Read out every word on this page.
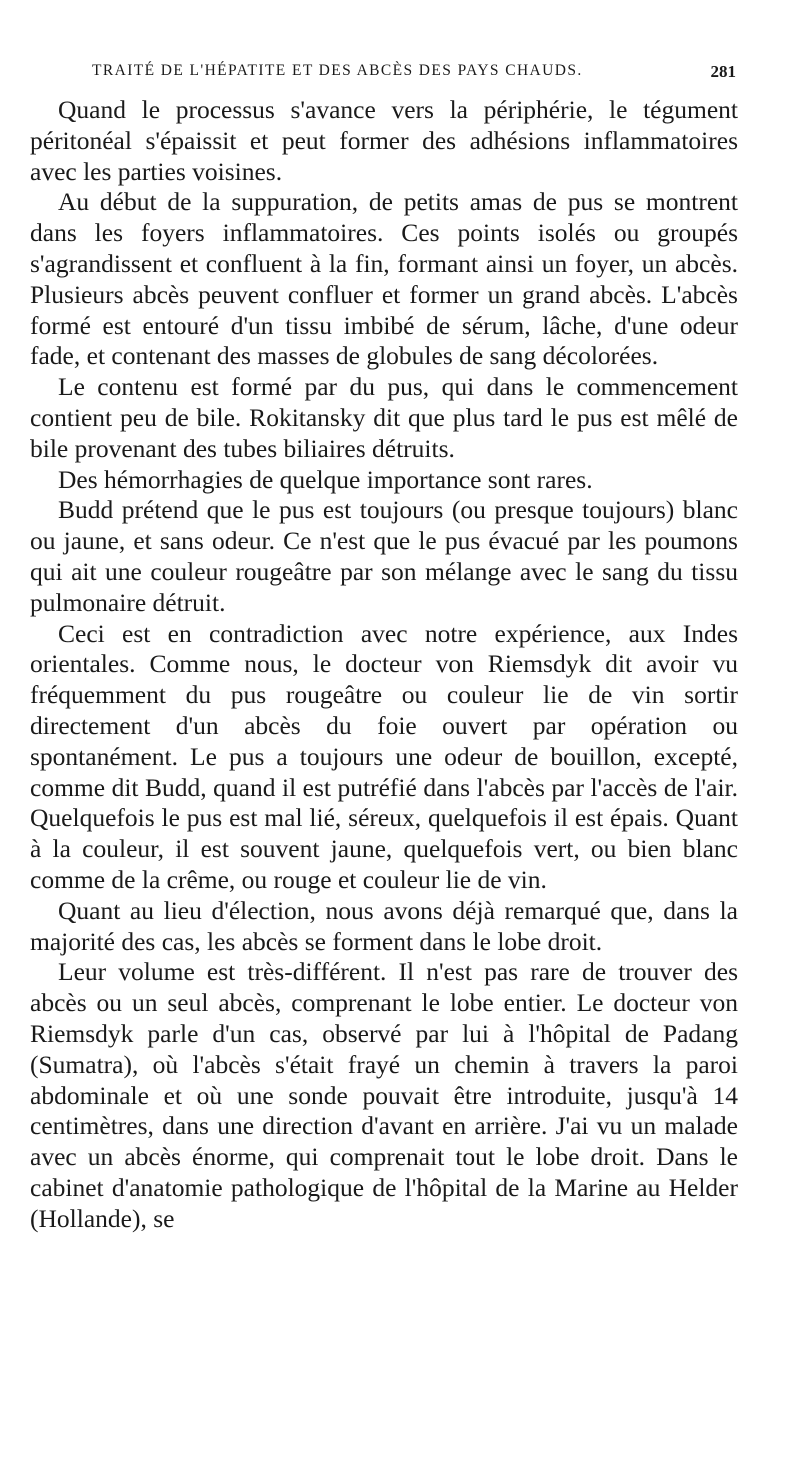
TRAITÉ DE L'HÉPATITE ET DES ABCÈS DES PAYS CHAUDS.	281

Quand le processus s'avance vers la périphérie, le tégument péritonéal s'épaissit et peut former des adhésions inflammatoires avec les parties voisines.

Au début de la suppuration, de petits amas de pus se montrent dans les foyers inflammatoires. Ces points isolés ou groupés s'agrandissent et confluent à la fin, formant ainsi un foyer, un abcès. Plusieurs abcès peuvent confluer et former un grand abcès. L'abcès formé est entouré d'un tissu imbibé de sérum, lâche, d'une odeur fade, et contenant des masses de globules de sang décolorées.

Le contenu est formé par du pus, qui dans le commencement contient peu de bile. Rokitansky dit que plus tard le pus est mêlé de bile provenant des tubes biliaires détruits.

Des hémorrhagies de quelque importance sont rares.

Budd prétend que le pus est toujours (ou presque toujours) blanc ou jaune, et sans odeur. Ce n'est que le pus évacué par les poumons qui ait une couleur rougeâtre par son mélange avec le sang du tissu pulmonaire détruit.

Ceci est en contradiction avec notre expérience, aux Indes orientales. Comme nous, le docteur von Riemsdyk dit avoir vu fréquemment du pus rougeâtre ou couleur lie de vin sortir directement d'un abcès du foie ouvert par opération ou spontanément. Le pus a toujours une odeur de bouillon, excepté, comme dit Budd, quand il est putréfié dans l'abcès par l'accès de l'air. Quelquefois le pus est mal lié, séreux, quelquefois il est épais. Quant à la couleur, il est souvent jaune, quelquefois vert, ou bien blanc comme de la crême, ou rouge et couleur lie de vin.

Quant au lieu d'élection, nous avons déjà remarqué que, dans la majorité des cas, les abcès se forment dans le lobe droit.

Leur volume est très-différent. Il n'est pas rare de trouver des abcès ou un seul abcès, comprenant le lobe entier. Le docteur von Riemsdyk parle d'un cas, observé par lui à l'hôpital de Padang (Sumatra), où l'abcès s'était frayé un chemin à travers la paroi abdominale et où une sonde pouvait être introduite, jusqu'à 14 centimètres, dans une direction d'avant en arrière. J'ai vu un malade avec un abcès énorme, qui comprenait tout le lobe droit. Dans le cabinet d'anatomie pathologique de l'hôpital de la Marine au Helder (Hollande), se
